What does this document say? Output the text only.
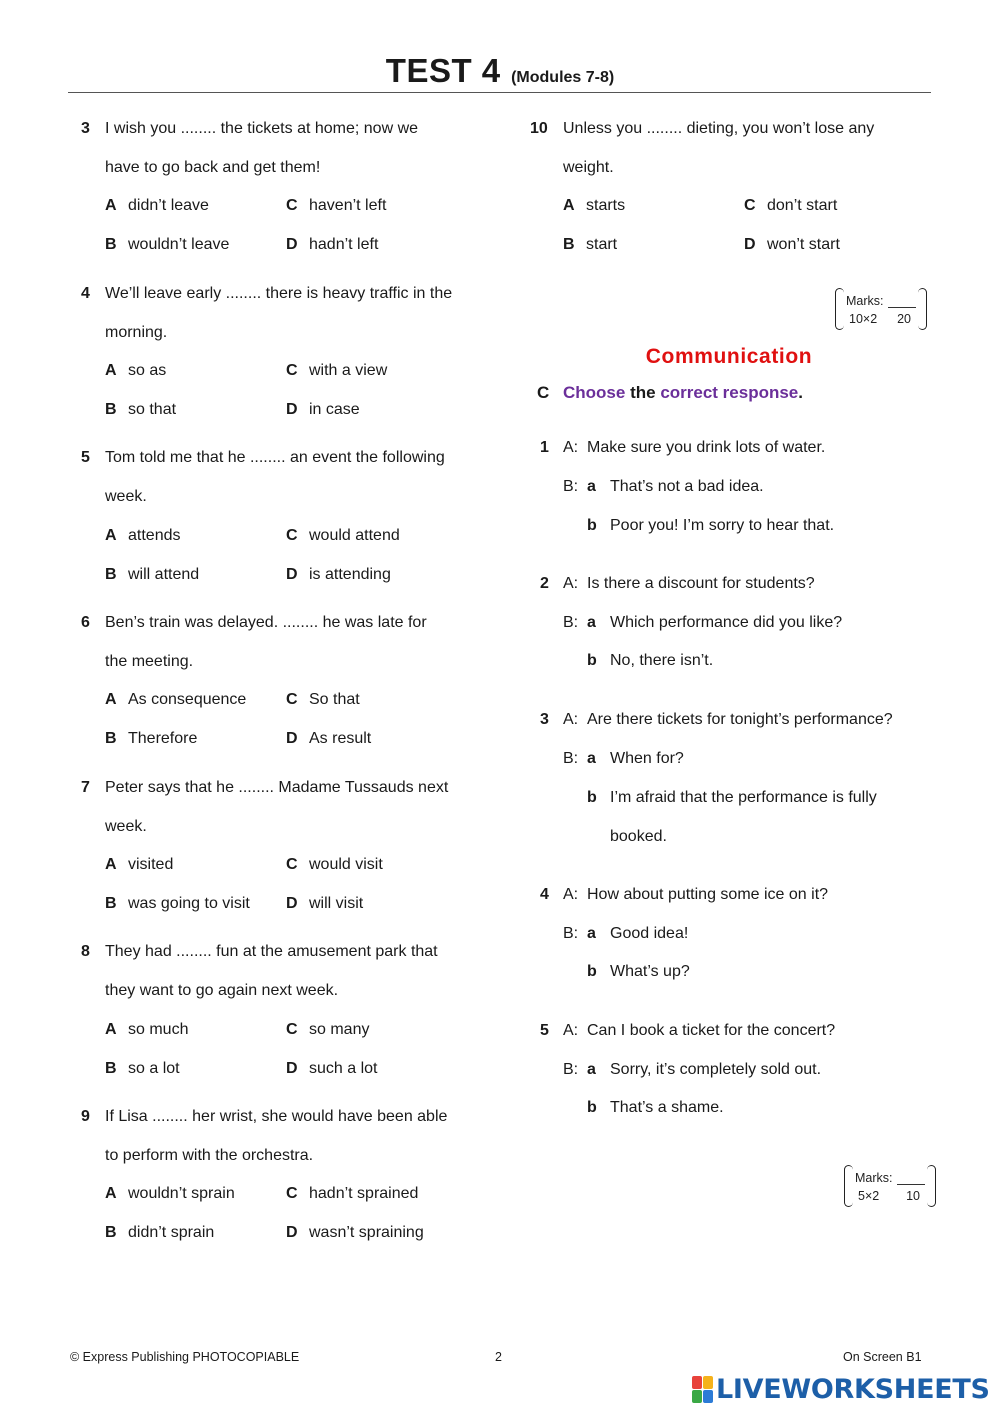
TEST 4 (Modules 7-8)
3 I wish you ........ the tickets at home; now we
have to go back and get them!
A didn’t leave	C haven’t left
B wouldn’t leave	D hadn’t left
4 We’ll leave early ........ there is heavy traffic in the
morning.
A so as	C with a view
B so that	D in case
5 Tom told me that he ........ an event the following
week.
A attends	C would attend
B will attend	D is attending
6 Ben’s train was delayed. ........ he was late for
the meeting.
A As consequence C So that
B Therefore	D As result
7 Peter says that he ........ Madame Tussauds next
week.
A visited	C would visit
B was going to visit D will visit
8 They had ........ fun at the amusement park that
they want to go again next week.
A so much	C so many
B so a lot	D such a lot
9 If Lisa ........ her wrist, she would have been able
to perform with the orchestra.
A wouldn’t sprain	C hadn’t sprained
B didn’t sprain	D wasn’t spraining
10 Unless you ........ dieting, you won’t lose any
weight.
A starts	C don’t start
B start	D won’t start
Marks:
10×2 20
Communication
C Choose the correct response.
1 A: Make sure you drink lots of water.
B: a That’s not a bad idea.
b Poor you! I’m sorry to hear that.
2 A: Is there a discount for students?
B: a Which performance did you like?
b No, there isn’t.
3 A: Are there tickets for tonight’s performance?
B: a When for?
b I’m afraid that the performance is fully
booked.
4 A: How about putting some ice on it?
B: a Good idea!
b What’s up?
5 A: Can I book a ticket for the concert?
B: a Sorry, it’s completely sold out.
b That’s a shame.
Marks:
5×2 10
© Express Publishing PHOTOCOPIABLE	2	On Screen B1
LIVEWORKSHEETS
